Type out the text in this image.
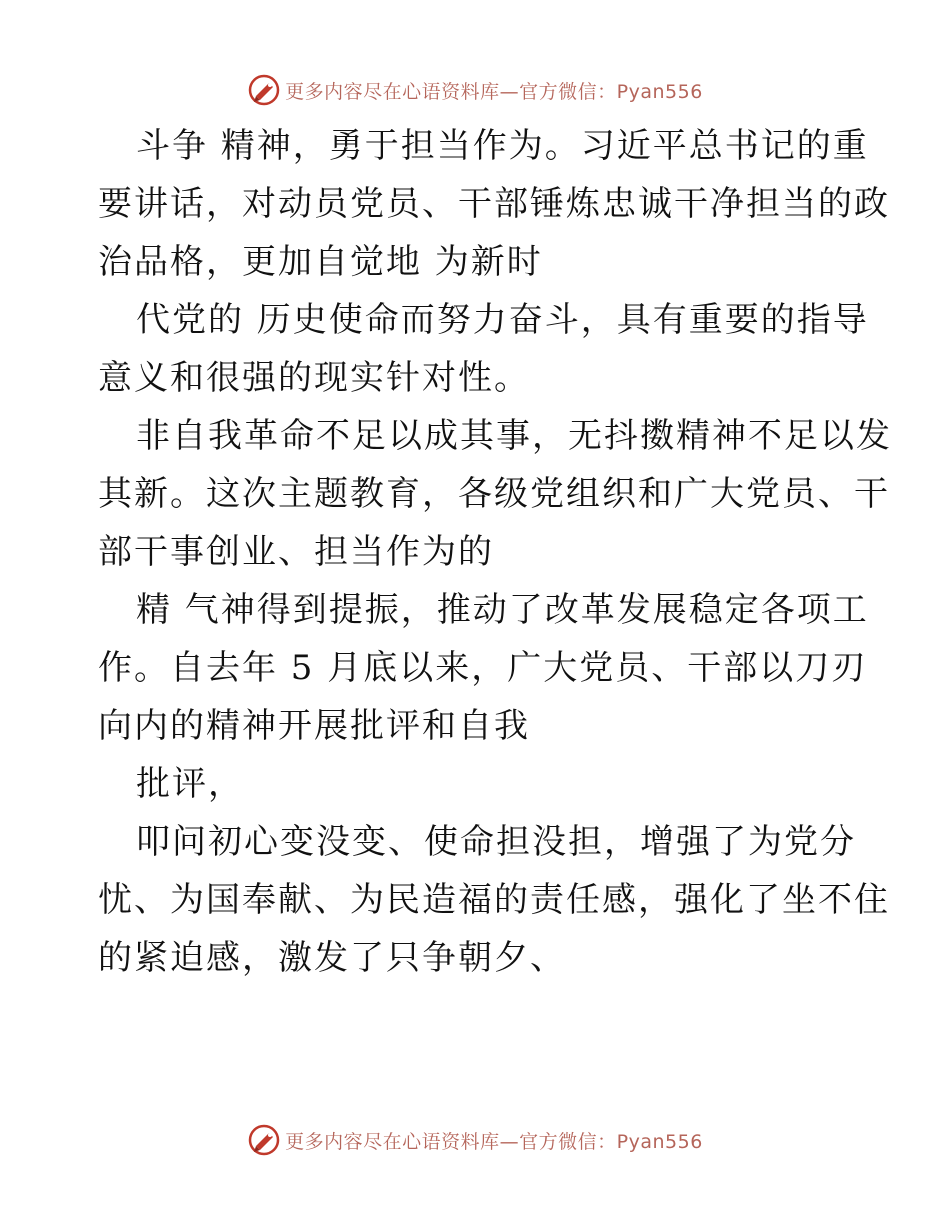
更多内容尽在心语资料库—官方微信：Pyan556

斗争 精神，勇于担当作为。习近平总书记的重
要讲话，对动员党员、干部锤炼忠诚干净担当的政
治品格，更加自觉地 为新时

代党的 历史使命而努力奋斗，具有重要的指导
意义和很强的现实针对性。

非自我革命不足以成其事，无抖擞精神不足以发
其新。这次主题教育，各级党组织和广大党员、干
部干事创业、担当作为的

精 气神得到提振，推动了改革发展稳定各项工
作。自去年 5 月底以来，广大党员、干部以刀刃
向内的精神开展批评和自我

批评，

叩问初心变没变、使命担没担，增强了为党分
忧、为国奉献、为民造福的责任感，强化了坐不住
的紧迫感，激发了只争朝夕、

更多内容尽在心语资料库—官方微信：Pyan556
